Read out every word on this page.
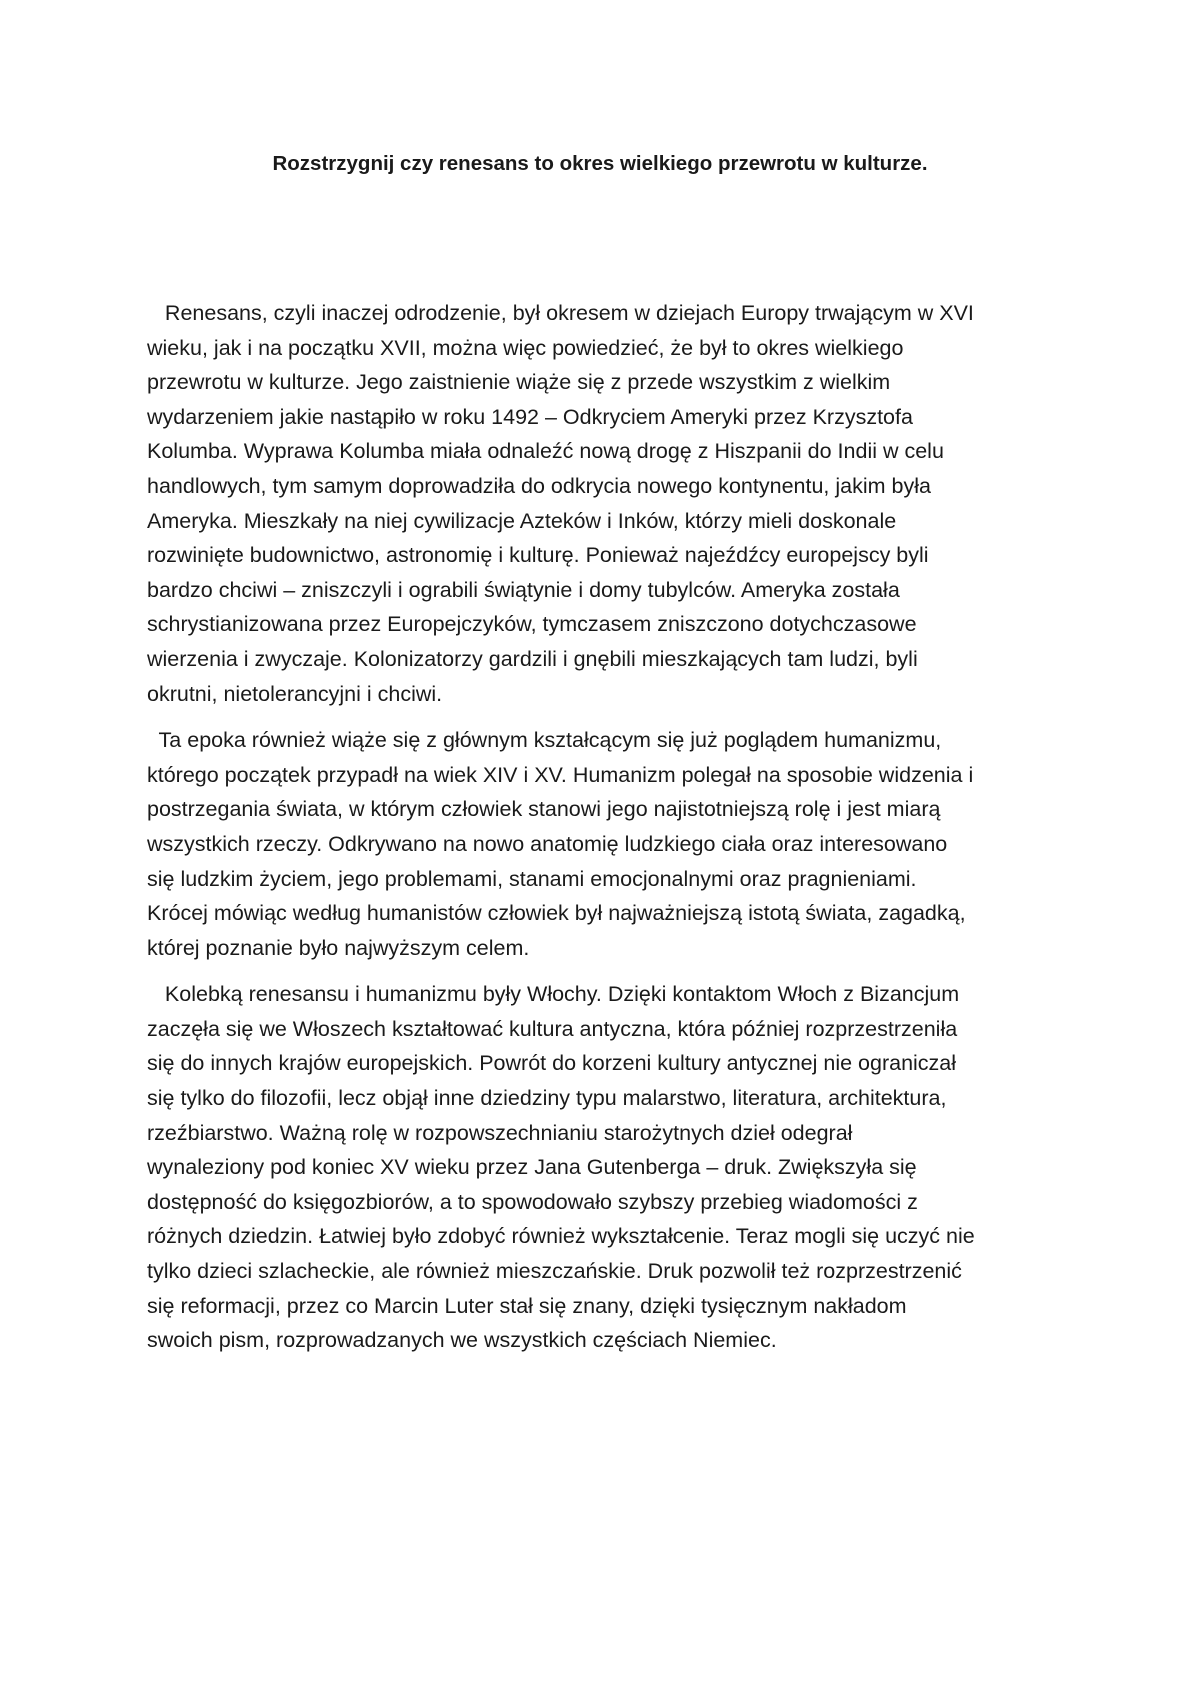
Rozstrzygnij czy renesans to okres wielkiego przewrotu w kulturze.

Renesans, czyli inaczej odrodzenie, był okresem w dziejach Europy trwającym w XVI
wieku, jak i na początku XVII, można więc powiedzieć, że był to okres wielkiego
przewrotu w kulturze. Jego zaistnienie wiąże się z przede wszystkim z wielkim
wydarzeniem jakie nastąpiło w roku 1492 – Odkryciem Ameryki przez Krzysztofa
Kolumba. Wyprawa Kolumba miała odnaleźć nową drogę z Hiszpanii do Indii w celu
handlowych, tym samym doprowadziła do odkrycia nowego kontynentu, jakim była
Ameryka. Mieszkały na niej cywilizacje Azteków i Inków, którzy mieli doskonale
rozwinięte budownictwo, astronomię i kulturę. Ponieważ najeźdźcy europejscy byli
bardzo chciwi – zniszczyli i ograbili świątynie i domy tubylców. Ameryka została
schrystianizowana przez Europejczyków, tymczasem zniszczono dotychczasowe
wierzenia i zwyczaje. Kolonizatorzy gardzili i gnębili mieszkających tam ludzi, byli
okrutni, nietolerancyjni i chciwi.

Ta epoka również wiąże się z głównym kształcącym się już poglądem humanizmu,
którego początek przypadł na wiek XIV i XV. Humanizm polegał na sposobie widzenia i
postrzegania świata, w którym człowiek stanowi jego najistotniejszą rolę i jest miarą
wszystkich rzeczy. Odkrywano na nowo anatomię ludzkiego ciała oraz interesowano
się ludzkim życiem, jego problemami, stanami emocjonalnymi oraz pragnieniami.
Krócej mówiąc według humanistów człowiek był najważniejszą istotą świata, zagadką,
której poznanie było najwyższym celem.

Kolebką renesansu i humanizmu były Włochy. Dzięki kontaktom Włoch z Bizancjum
zaczęła się we Włoszech kształtować kultura antyczna, która później rozprzestrzeniła
się do innych krajów europejskich. Powrót do korzeni kultury antycznej nie ograniczał
się tylko do filozofii, lecz objął inne dziedziny typu malarstwo, literatura, architektura,
rzeźbiarstwo. Ważną rolę w rozpowszechnianiu starożytnych dzieł odegrał
wynaleziony pod koniec XV wieku przez Jana Gutenberga – druk. Zwiększyła się
dostępność do księgozbiorów, a to spowodowało szybszy przebieg wiadomości z
różnych dziedzin. Łatwiej było zdobyć również wykształcenie. Teraz mogli się uczyć nie
tylko dzieci szlacheckie, ale również mieszczańskie. Druk pozwolił też rozprzestrzenić
się reformacji, przez co Marcin Luter stał się znany, dzięki tysięcznym nakładom
swoich pism, rozprowadzanych we wszystkich częściach Niemiec.
